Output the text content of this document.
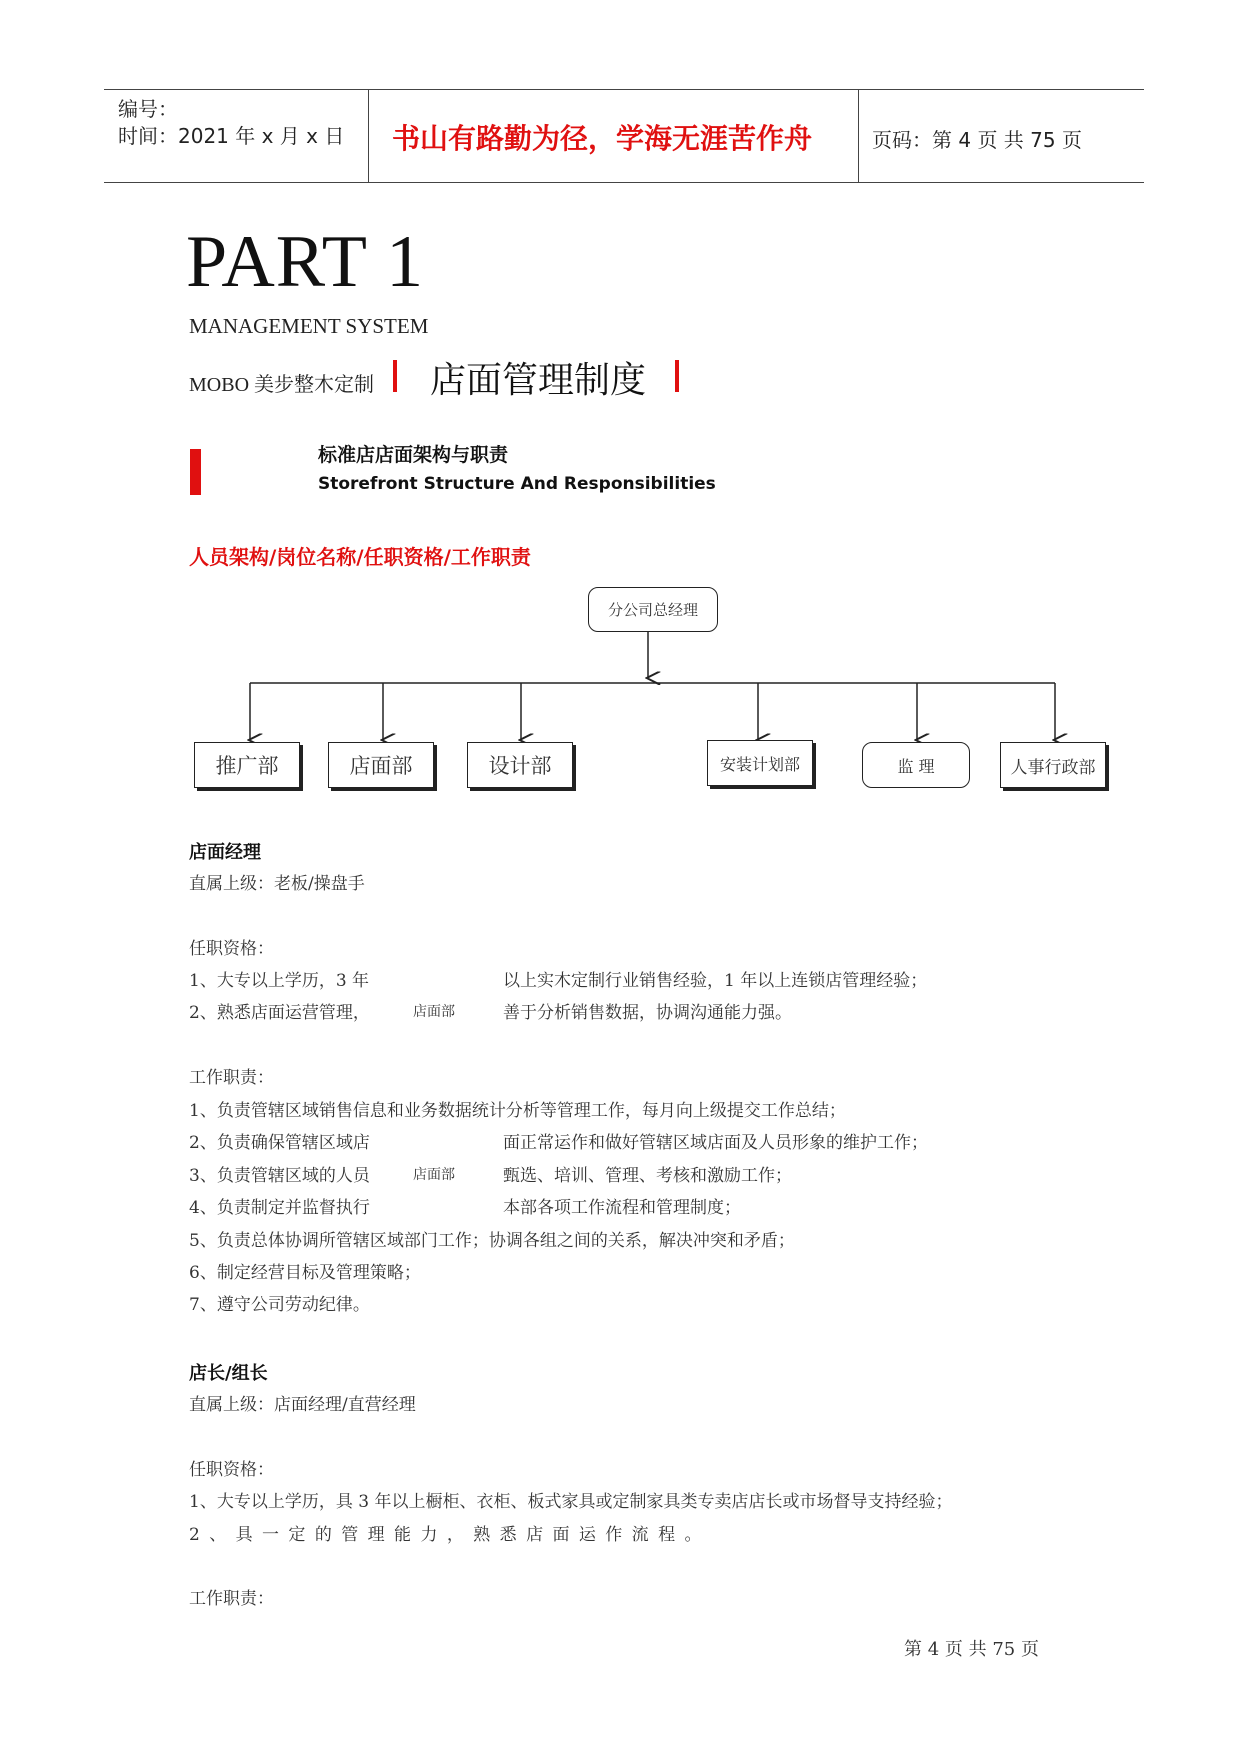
编号：
时间：2021 年 x 月 x 日 书山有路勤为径，学海无涯苦作舟	页码：第 4 页 共 75 页
PART 1
MANAGEMENT SYSTEM
MOBO 美步整木定制 店面管理制度
标准店店面架构与职责
Storefront Structure And Responsibilities
人员架构/岗位名称/任职资格/工作职责
分公司总经理
推广部	店面部	设计部	安装计划部	监 理	人事行政部
店面经理
直属上级：老板/操盘手
任职资格：
1、大专以上学历，3 年	以上实木定制行业销售经验，1 年以上连锁店管理经验；
2、熟悉店面运营管理，	店面部	善于分析销售数据，协调沟通能力强。
工作职责：
1、负责管辖区域销售信息和业务数据统计分析等管理工作，每月向上级提交工作总结；
2、负责确保管辖区域店	面正常运作和做好管辖区域店面及人员形象的维护工作；
3、负责管辖区域的人员	店面部	甄选、培训、管理、考核和激励工作；
4、负责制定并监督执行	本部各项工作流程和管理制度；
5、负责总体协调所管辖区域部门工作；协调各组之间的关系，解决冲突和矛盾；
6、制定经营目标及管理策略；
7、遵守公司劳动纪律。
店长/组长
直属上级：店面经理/直营经理
任职资格：
1、大专以上学历，具 3 年以上橱柜、衣柜、板式家具或定制家具类专卖店店长或市场督导支持经验；
2 、 具 一 定 的 管 理 能 力 ， 熟 悉 店 面 运 作 流 程 。
工作职责：
第 4 页 共 75 页
